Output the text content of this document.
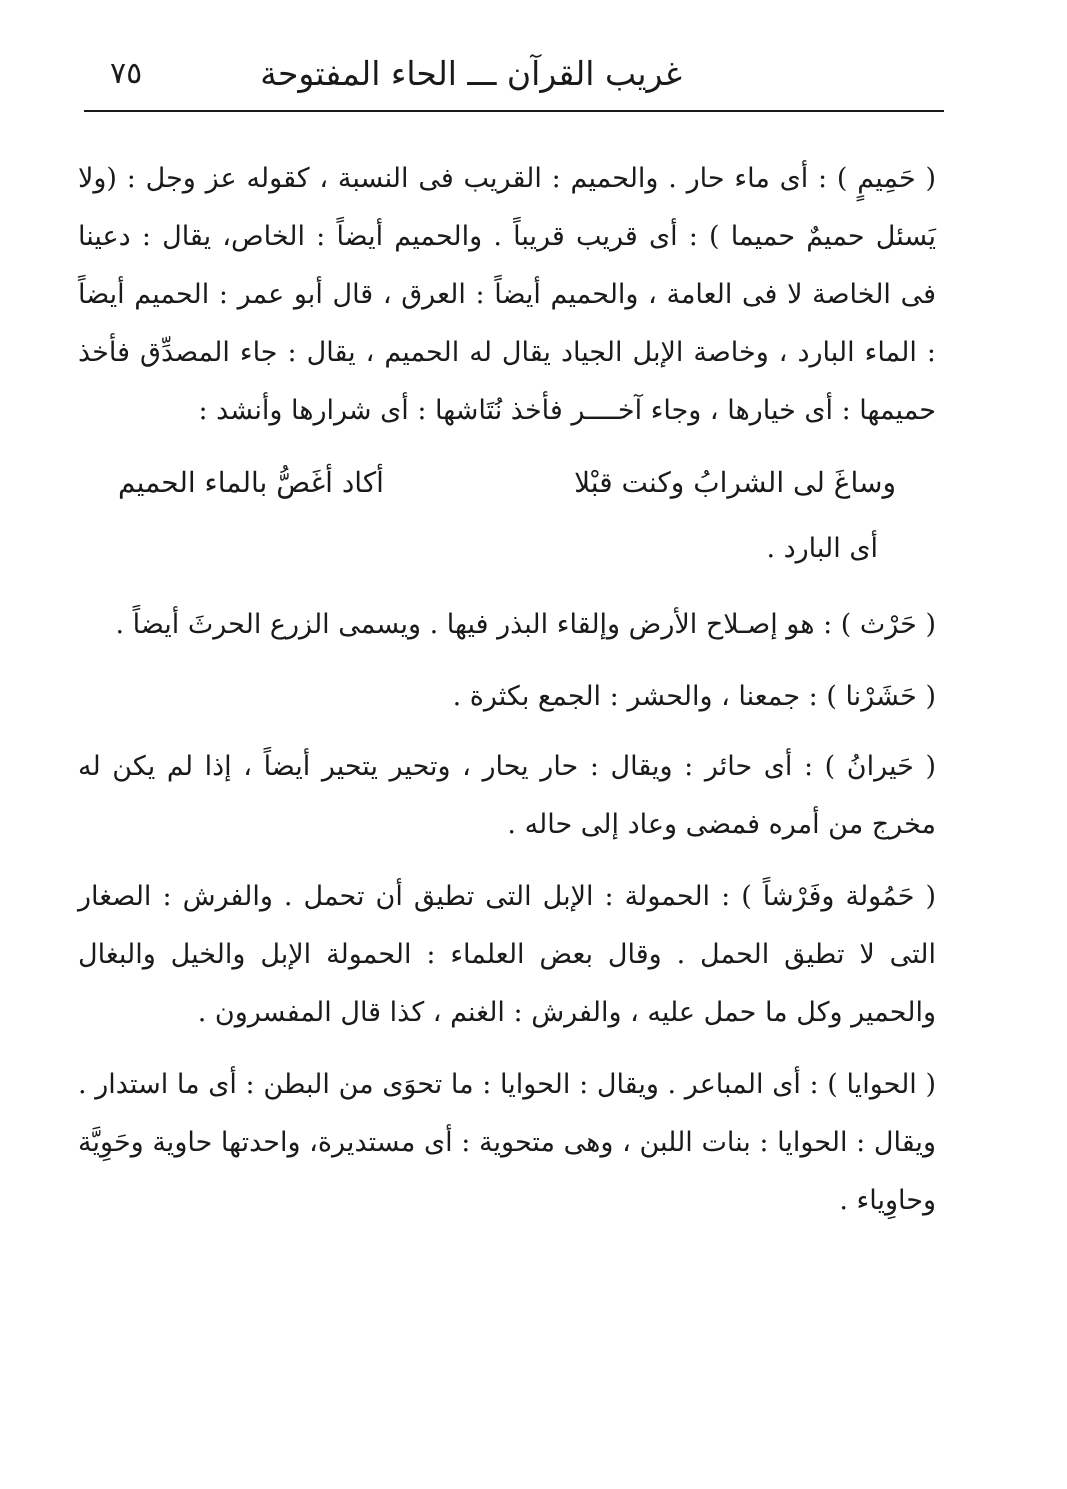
غريب القرآن ـــ الحاء المفتوحة
٧٥

( حَمِيمٍ ) : أى ماء حار . والحميم : القريب فى النسبة ، كقوله عز وجل : (ولا يَسئل حميمٌ حميما ) : أى قريب قريباً . والحميم أيضاً : الخاص، يقال : دعينا فى الخاصة لا فى العامة ، والحميم أيضاً : العرق ، قال أبو عمر : الحميم أيضاً : الماء البارد ، وخاصة الإبل الجياد يقال له الحميم ، يقال : جاء المصدِّق فأخذ حميمها : أى خيارها ، وجاء آخــــر فأخذ نُتَاشها : أى شرارها وأنشد :

وساغَ لى الشرابُ وكنت قبْلا
أكاد أغَصُّ بالماء الحميم
أى البارد .

( حَرْث ) : هو إصـلاح الأرض وإلقاء البذر فيها . ويسمى الزرع الحرثَ أيضاً .

( حَشَرْنا ) : جمعنا ، والحشر : الجمع بكثرة .

( حَيرانُ ) : أى حائر : ويقال : حار يحار ، وتحير يتحير أيضاً ، إذا لم يكن له مخرج من أمره فمضى وعاد إلى حاله .

( حَمُولة وفَرْشاً ) : الحمولة : الإبل التى تطيق أن تحمل . والفرش : الصغار التى لا تطيق الحمل . وقال بعض العلماء : الحمولة الإبل والخيل والبغال والحمير وكل ما حمل عليه ، والفرش : الغنم ، كذا قال المفسرون .

( الحوايا ) : أى المباعر . ويقال : الحوايا : ما تحوَى من البطن : أى ما استدار . ويقال : الحوايا : بنات اللبن ، وهى متحوية : أى مستديرة، واحدتها حاوية وحَوِيَّة وحاوِياء .
